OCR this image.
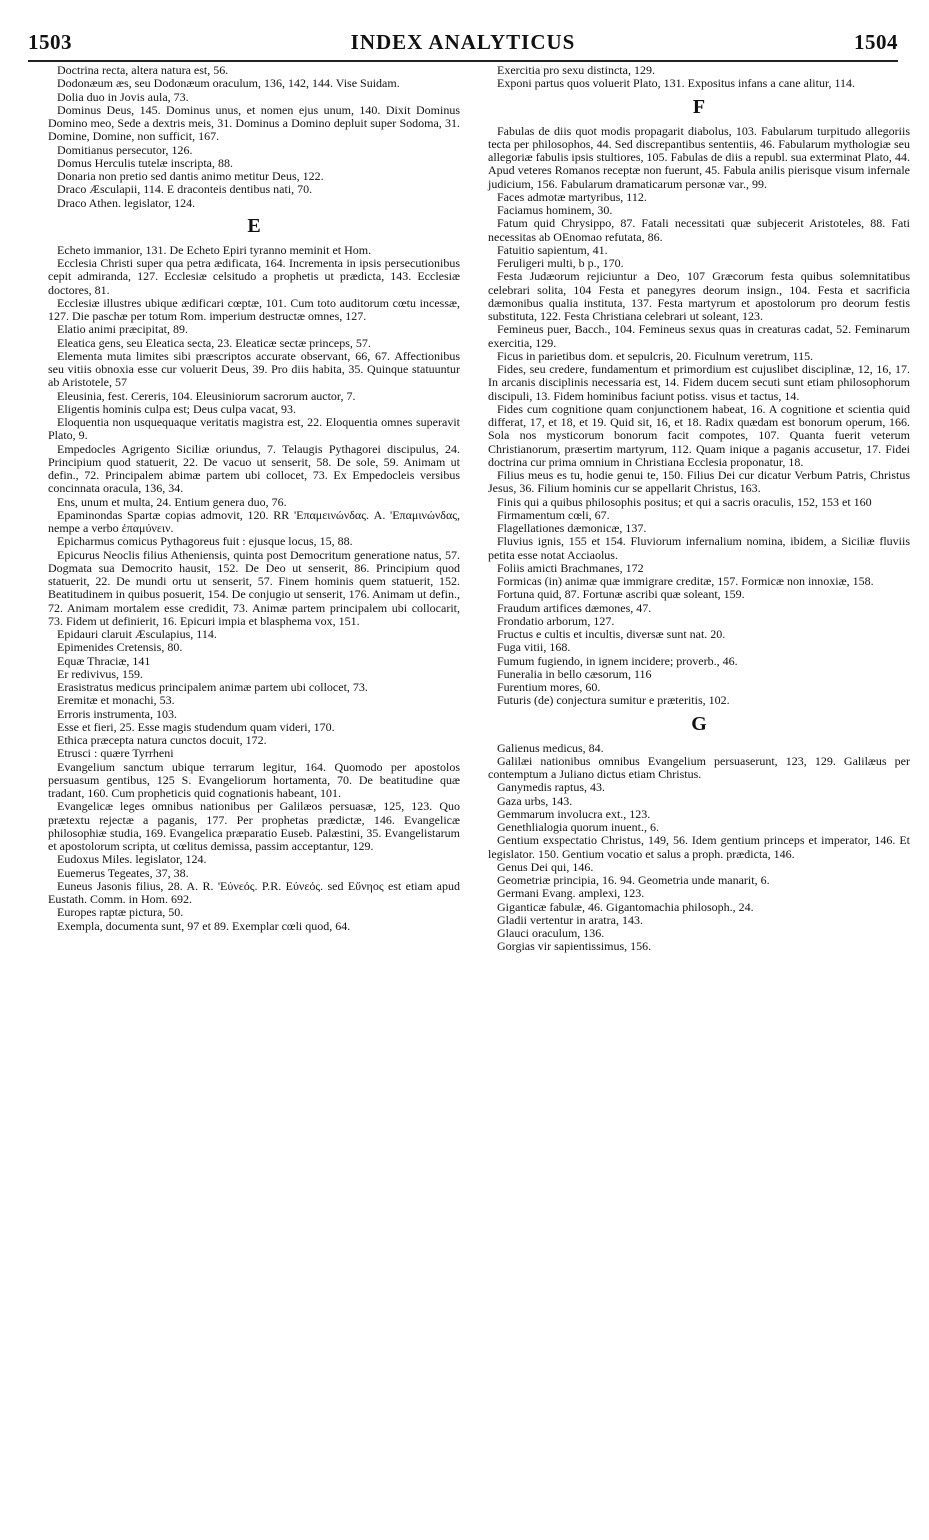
1503	INDEX ANALYTICUS	1504

Doctrina recta, altera natura est, 56.

Dodonæum æs, seu Dodonæum oraculum, 136, 142, 144. Vise Suidam.

Dolia duo in Jovis aula, 73.

Dominus Deus, 145. Dominus unus, et nomen ejus unum, 140. Dixit Dominus Domino meo, Sede a dextris meis, 31. Dominus a Domino depluit super Sodoma, 31. Domine, Domine, non sufficit, 167.

Domitianus persecutor, 126.

Domus Herculis tutelæ inscripta, 88.

Donaria non pretio sed dantis animo metitur Deus, 122.

Draco Æsculapii, 114. E draconteis dentibus nati, 70.

Draco Athen. legislator, 124.

E

Echeto immanior, 131. De Echeto Epiri tyranno meminit et Hom.

Ecclesia Christi super qua petra ædificata, 164. Incrementa in ipsis persecutionibus cepit admiranda, 127. Ecclesiæ celsitudo a prophetis ut prædicta, 143. Ecclesiæ doctores, 81.

Ecclesiæ illustres ubique ædificari cœptæ, 101. Cum toto auditorum cœtu incessæ, 127. Die paschæ per totum Rom. imperium destructæ omnes, 127.

Elatio animi præcipitat, 89.

Eleatica gens, seu Eleatica secta, 23. Eleaticæ sectæ princeps, 57.

Elementa muta limites sibi præscriptos accurate observant, 66, 67. Affectionibus seu vitiis obnoxia esse cur voluerit Deus, 39. Pro diis habita, 35. Quinque statuuntur ab Aristotele, 57

Eleusinia, fest. Cereris, 104. Eleusiniorum sacrorum auctor, 7.

Eligentis hominis culpa est; Deus culpa vacat, 93.

Eloquentia non usquequaque veritatis magistra est, 22. Eloquentia omnes superavit Plato, 9.

Empedocles Agrigento Siciliæ oriundus, 7. Telaugis Pythagorei discipulus, 24. Principium quod statuerit, 22. De vacuo ut senserit, 58. De sole, 59. Animam ut defin., 72. Principalem abimæ partem ubi collocet, 73. Ex Empedocleis versibus concinnata oracula, 136, 34.

Ens, unum et multa, 24. Entium genera duo, 76.

Epaminondas Spartæ copias admovit, 120. RR 'Επαμεινώνδας. A. 'Επαμινώνδας, nempe a verbo ἐπαμύνειν.

Epicharmus comicus Pythagoreus fuit : ejusque locus, 15, 88.

Epicurus Neoclis filius Atheniensis, quinta post Democritum generatione natus, 57. Dogmata sua Democrito hausit, 152. De Deo ut senserit, 86. Principium quod statuerit, 22. De mundi ortu ut senserit, 57. Finem hominis quem statuerit, 152. Beatitudinem in quibus posuerit, 154. De conjugio ut senserit, 176. Animam ut defin., 72. Animam mortalem esse credidit, 73. Animæ partem principalem ubi collocarit, 73. Fidem ut definierit, 16. Epicuri impia et blasphema vox, 151.

Epidauri claruit Æsculapius, 114.

Epimenides Cretensis, 80.

Equæ Thraciæ, 141

Er redivivus, 159.

Erasistratus medicus principalem animæ partem ubi collocet, 73.

Eremitæ et monachi, 53.

Erroris instrumenta, 103.

Esse et fieri, 25. Esse magis studendum quam videri, 170.

Ethica præcepta natura cunctos docuit, 172.

Etrusci : quære Tyrrheni

Evangelium sanctum ubique terrarum legitur, 164. Quomodo per apostolos persuasum gentibus, 125 S. Evangeliorum hortamenta, 70. De beatitudine quæ tradant, 160. Cum propheticis quid cognationis habeant, 101.

Evangelicæ leges omnibus nationibus per Galilæos persuasæ, 125, 123. Quo prætextu rejectæ a paganis, 177. Per prophetas prædictæ, 146. Evangelicæ philosophiæ studia, 169. Evangelica præparatio Euseb. Palæstini, 35. Evangelistarum et apostolorum scripta, ut cœlitus demissa, passim acceptantur, 129.

Eudoxus Miles. legislator, 124.

Euemerus Tegeates, 37, 38.

Euneus Jasonis filius, 28. A. R. 'Εύνεός. P.R. Εύνεός. sed Εὔνηος est etiam apud Eustath. Comm. in Hom. 692.

Europes raptæ pictura, 50.

Exempla, documenta sunt, 97 et 89. Exemplar cœli quod, 64.

Exercitia pro sexu distincta, 129.

Exponi partus quos voluerit Plato, 131. Expositus infans a cane alitur, 114.

F

Fabulas de diis quot modis propagarit diabolus, 103. Fabularum turpitudo allegoriis tecta per philosophos, 44. Sed discrepantibus sententiis, 46. Fabularum mythologiæ seu allegoriæ fabulis ipsis stultiores, 105. Fabulas de diis a republ. sua exterminat Plato, 44. Apud veteres Romanos receptæ non fuerunt, 45. Fabula anilis pierisque visum infernale judicium, 156. Fabularum dramaticarum personæ var., 99.

Faces admotæ martyribus, 112.

Faciamus hominem, 30.

Fatum quid Chrysippo, 87. Fatali necessitati quæ subjecerit Aristoteles, 88. Fati necessitas ab OEnomao refutata, 86.

Fatuitio sapientum, 41.

Feruligeri multi, b p., 170.

Festa Judæorum rejiciuntur a Deo, 107 Græcorum festa quibus solemnitatibus celebrari solita, 104 Festa et panegyres deorum insign., 104. Festa et sacrificia dæmonibus qualia instituta, 137. Festa martyrum et apostolorum pro deorum festis substituta, 122. Festa Christiana celebrari ut soleant, 123.

Femineus puer, Bacch., 104. Femineus sexus quas in creaturas cadat, 52. Feminarum exercitia, 129.

Ficus in parietibus dom. et sepulcris, 20. Ficulnum veretrum, 115.

Fides, seu credere, fundamentum et primordium est cujuslibet disciplinæ, 12, 16, 17. In arcanis disciplinis necessaria est, 14. Fidem ducem secuti sunt etiam philosophorum discipuli, 13. Fidem hominibus faciunt potiss. visus et tactus, 14.

Fides cum cognitione quam conjunctionem habeat, 16. A cognitione et scientia quid differat, 17, et 18, et 19. Quid sit, 16, et 18. Radix quædam est bonorum operum, 166. Sola nos mysticorum bonorum facit compotes, 107. Quanta fuerit veterum Christianorum, præsertim martyrum, 112. Quam inique a paganis accusetur, 17. Fidei doctrina cur prima omnium in Christiana Ecclesia proponatur, 18.

Filius meus es tu, hodie genui te, 150. Filius Dei cur dicatur Verbum Patris, Christus Jesus, 36. Filium hominis cur se appellarit Christus, 163.

Finis qui a quibus philosophis positus; et qui a sacris oraculis, 152, 153 et 160

Firmamentum cœli, 67.

Flagellationes dæmonicæ, 137.

Fluvius ignis, 155 et 154. Fluviorum infernalium nomina, ibidem, a Siciliæ fluviis petita esse notat Acciaolus.

Foliis amicti Brachmanes, 172

Formicas (in) animæ quæ immigrare creditæ, 157. Formicæ non innoxiæ, 158.

Fortuna quid, 87. Fortunæ ascribi quæ soleant, 159.

Fraudum artifices dæmones, 47.

Frondatio arborum, 127.

Fructus e cultis et incultis, diversæ sunt nat. 20.

Fuga vitii, 168.

Fumum fugiendo, in ignem incidere; proverb., 46.

Funeralia in bello cæsorum, 116

Furentium mores, 60.

Futuris (de) conjectura sumitur e præteritis, 102.

G

Galienus medicus, 84.

Galilæi nationibus omnibus Evangelium persuaserunt, 123, 129. Galilæus per contemptum a Juliano dictus etiam Christus.

Ganymedis raptus, 43.

Gaza urbs, 143.

Gemmarum involucra ext., 123.

Genethlialogia quorum inuent., 6.

Gentium exspectatio Christus, 149, 56. Idem gentium princeps et imperator, 146. Et legislator. 150. Gentium vocatio et salus a proph. prædicta, 146.

Genus Dei qui, 146.

Geometriæ principia, 16. 94. Geometria unde manarit, 6.

Germani Evang. amplexi, 123.

Giganticæ fabulæ, 46. Gigantomachia philosoph., 24.

Gladii vertentur in aratra, 143.

Glauci oraculum, 136.

Gorgias vir sapientissimus, 156.
